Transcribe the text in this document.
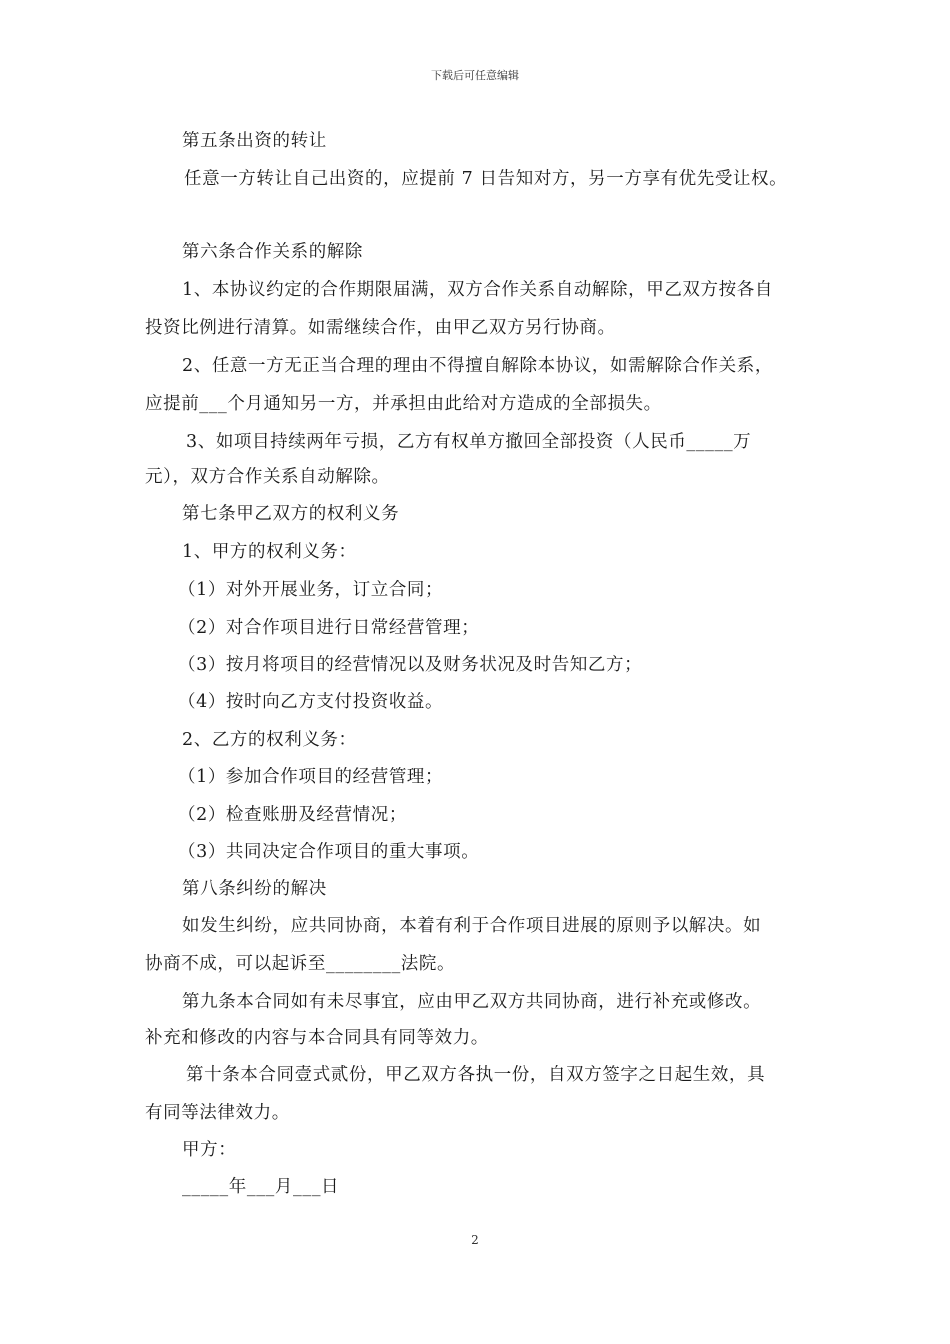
下载后可任意编辑
第五条出资的转让
任意一方转让自己出资的，应提前 7 日告知对方，另一方享有优先受让权。
第六条合作关系的解除
1、本协议约定的合作期限届满，双方合作关系自动解除，甲乙双方按各自
投资比例进行清算。如需继续合作，由甲乙双方另行协商。
2、任意一方无正当合理的理由不得擅自解除本协议，如需解除合作关系，
应提前___个月通知另一方，并承担由此给对方造成的全部损失。
3、如项目持续两年亏损，乙方有权单方撤回全部投资（人民币_____万
元），双方合作关系自动解除。
第七条甲乙双方的权利义务
1、甲方的权利义务：
（1）对外开展业务，订立合同；
（2）对合作项目进行日常经营管理；
（3）按月将项目的经营情况以及财务状况及时告知乙方；
（4）按时向乙方支付投资收益。
2、乙方的权利义务：
（1）参加合作项目的经营管理；
（2）检查账册及经营情况；
（3）共同决定合作项目的重大事项。
第八条纠纷的解决
如发生纠纷，应共同协商，本着有利于合作项目进展的原则予以解决。如
协商不成，可以起诉至________法院。
第九条本合同如有未尽事宜，应由甲乙双方共同协商，进行补充或修改。
补充和修改的内容与本合同具有同等效力。
第十条本合同壹式贰份，甲乙双方各执一份，自双方签字之日起生效，具
有同等法律效力。
甲方：
_____年___月___日
2
